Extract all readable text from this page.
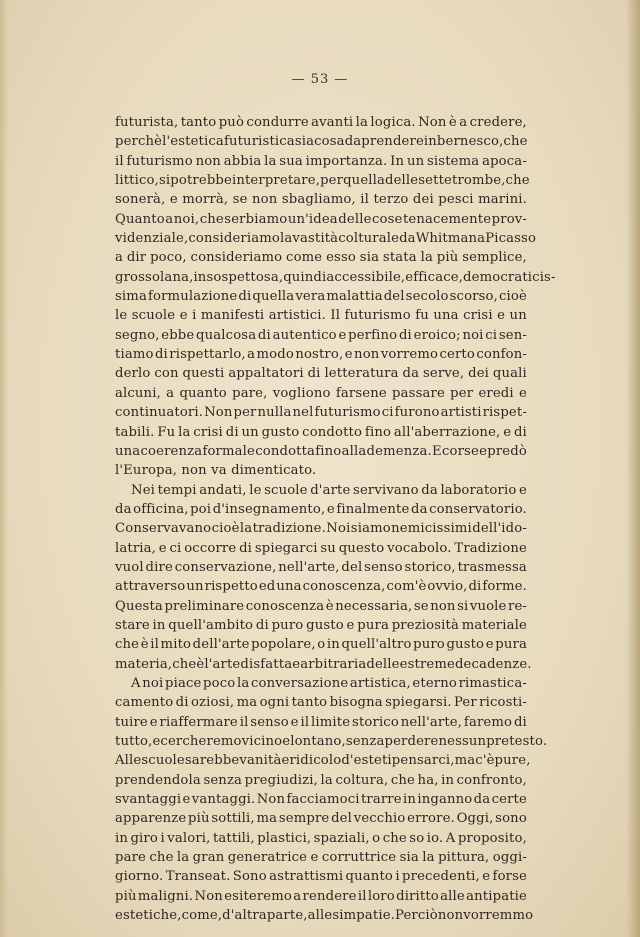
— 53 —

futurista, tanto può condurre avanti la logica. Non è a credere,
perchè l'estetica futuristica sia cosa da prendere in bernesco, che
il futurismo non abbia la sua importanza. In un sistema apoca-
littico, si potrebbe interpretare, per quella delle sette trombe, che
sonerà, e morrà, se non sbagliamo, il terzo dei pesci marini.
Quanto a noi, che serbiamo un'idea delle cose tenacemente prov-
videnziale, consideriamo la vastità colturale da Whitman a Picasso
a dir poco, consideriamo come esso sia stata la più semplice,
grossolana, insospettosa, quindi accessibile, efficace, democraticis-
sima formulazione di quella vera malattia del secolo scorso, cioè
le scuole e i manifesti artistici. Il futurismo fu una crisi e un
segno, ebbe qualcosa di autentico e perfino di eroico; noi ci sen-
tiamo di rispettarlo, a modo nostro, e non vorremo certo confon-
derlo con questi appaltatori di letteratura da serve, dei quali
alcuni, a quanto pare, vogliono farsene passare per eredi e
continuatori. Non per nulla nel futurismo ci furono artisti rispet-
tabili. Fu la crisi di un gusto condotto fino all'aberrazione, e di
una coerenza formale condotta fino alla demenza. E corse e predò
l'Europa, non va dimenticato.
Nei tempi andati, le scuole d'arte servivano da laboratorio e
da officina, poi d'insegnamento, e finalmente da conservatorio.
Conservavano cioè la tradizione. Noi siamo nemicissimi dell'ido-
latria, e ci occorre di spiegarci su questo vocabolo. Tradizione
vuol dire conservazione, nell'arte, del senso storico, trasmessa
attraverso un rispetto ed una conoscenza, com'è ovvio, di forme.
Questa preliminare conoscenza è necessaria, se non si vuole re-
stare in quell'ambito di puro gusto e pura preziosità materiale
che è il mito dell'arte popolare, o in quell'altro puro gusto e pura
materia, che è l'arte disfatta e arbitraria delle estreme decadenze.
A noi piace poco la conversazione artistica, eterno rimastica-
camento di oziosi, ma ogni tanto bisogna spiegarsi. Per ricosti-
tuire e riaffermare il senso e il limite storico nell'arte, faremo di
tutto, e cercheremo vicino e lontano, senza perdere nessun pretesto.
Alle scuole sarebbe vanità e ridicolo d'esteti pensarci, ma c'è pure,
prendendola senza pregiudizi, la coltura, che ha, in confronto,
svantaggi e vantaggi. Non facciamoci trarre in inganno da certe
apparenze più sottili, ma sempre del vecchio errore. Oggi, sono
in giro i valori, tattili, plastici, spaziali, o che so io. A proposito,
pare che la gran generatrice e corruttrice sia la pittura, oggi-
giorno. Transeat. Sono astrattismi quanto i precedenti, e forse
più maligni. Non esiteremo a rendere il loro diritto alle antipatie
estetiche, come, d'altra parte, alle simpatie. Perciò non vorremmo
